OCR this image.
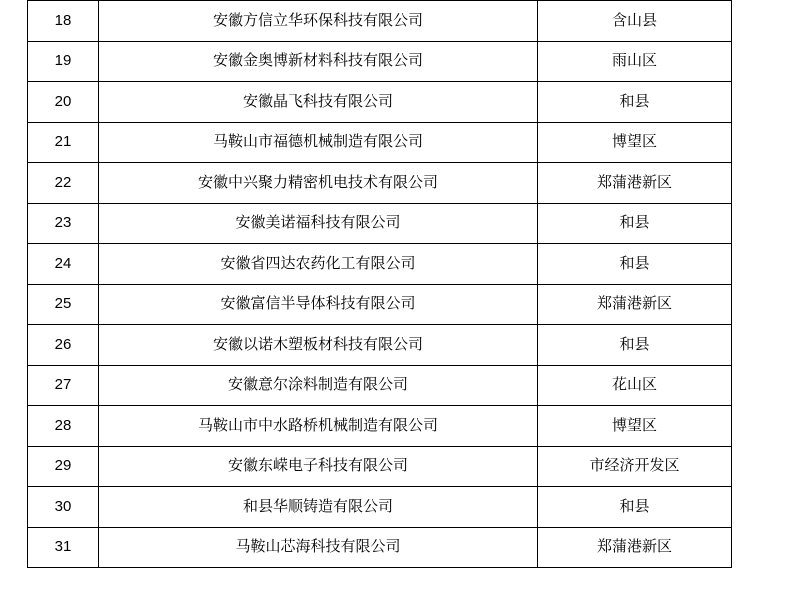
18	安徽方信立华环保科技有限公司	含山县
19	安徽金奥博新材料科技有限公司	雨山区
20	安徽晶飞科技有限公司	和县
21	马鞍山市福德机械制造有限公司	博望区
22	安徽中兴聚力精密机电技术有限公司	郑蒲港新区
23	安徽美诺福科技有限公司	和县
24	安徽省四达农药化工有限公司	和县
25	安徽富信半导体科技有限公司	郑蒲港新区
26	安徽以诺木塑板材科技有限公司	和县
27	安徽意尔涂料制造有限公司	花山区
28	马鞍山市中水路桥机械制造有限公司	博望区
29	安徽东嵘电子科技有限公司	市经济开发区
30	和县华顺铸造有限公司	和县
31	马鞍山芯海科技有限公司	郑蒲港新区
